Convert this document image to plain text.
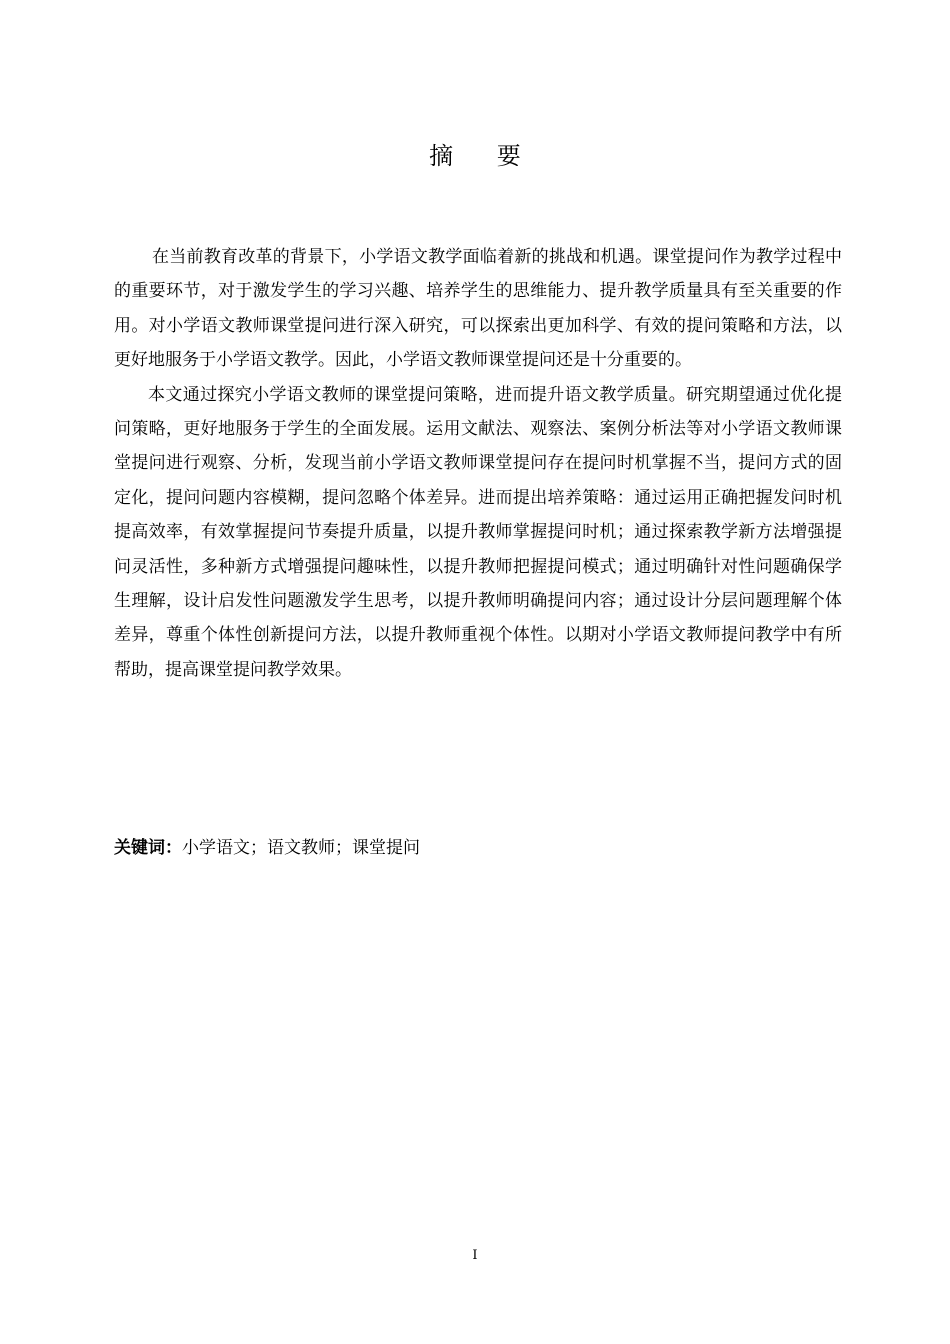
摘 要

在当前教育改革的背景下，小学语文教学面临着新的挑战和机遇。课堂提问作为教学过程中的重要环节，对于激发学生的学习兴趣、培养学生的思维能力、提升教学质量具有至关重要的作用。对小学语文教师课堂提问进行深入研究，可以探索出更加科学、有效的提问策略和方法，以更好地服务于小学语文教学。因此，小学语文教师课堂提问还是十分重要的。

本文通过探究小学语文教师的课堂提问策略，进而提升语文教学质量。研究期望通过优化提问策略，更好地服务于学生的全面发展。运用文献法、观察法、案例分析法等对小学语文教师课堂提问进行观察、分析，发现当前小学语文教师课堂提问存在提问时机掌握不当，提问方式的固定化，提问问题内容模糊，提问忽略个体差异。进而提出培养策略：通过运用正确把握发问时机提高效率，有效掌握提问节奏提升质量，以提升教师掌握提问时机；通过探索教学新方法增强提问灵活性，多种新方式增强提问趣味性，以提升教师把握提问模式；通过明确针对性问题确保学生理解，设计启发性问题激发学生思考，以提升教师明确提问内容；通过设计分层问题理解个体差异，尊重个体性创新提问方法，以提升教师重视个体性。以期对小学语文教师提问教学中有所帮助，提高课堂提问教学效果。

关键词：小学语文；语文教师；课堂提问
I
